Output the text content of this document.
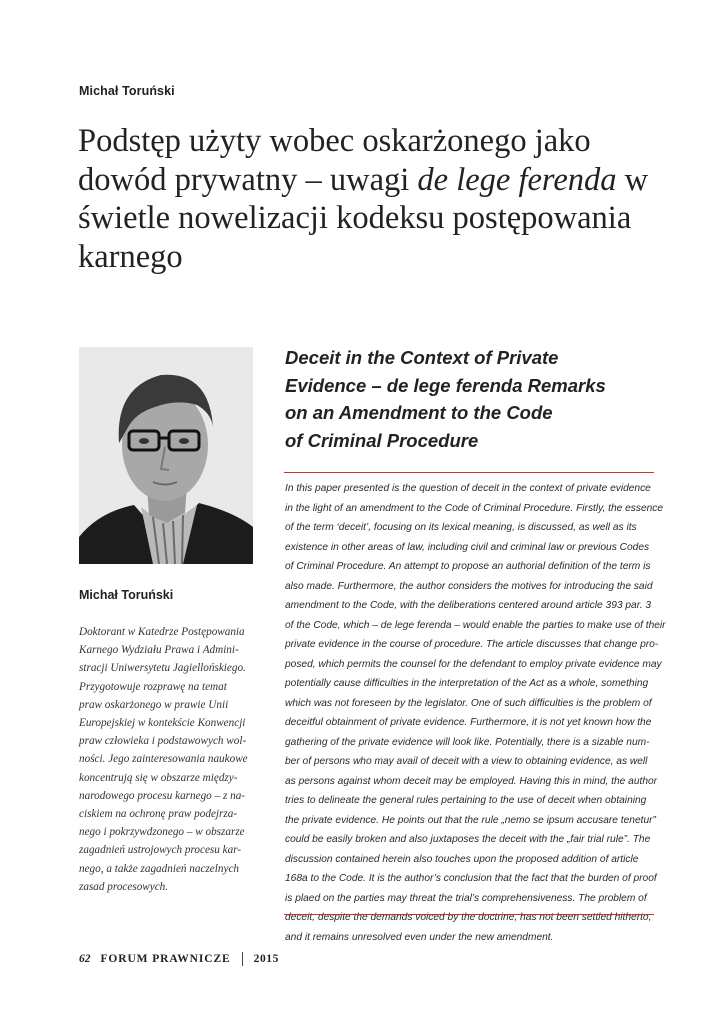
Michał Toruński
Podstęp użyty wobec oskarżonego jako dowód prywatny – uwagi de lege ferenda w świetle nowelizacji kodeksu postępowania karnego
Michał Toruński

Doktorant w Katedrze Postępowania
Karnego Wydziału Prawa i Admini-
stracji Uniwersytetu Jagiellońskiego.
Przygotowuje rozprawę na temat
praw oskarżonego w prawie Unii
Europejskiej w kontekście Konwencji
praw człowieka i podstawowych wol-
ności. Jego zainteresowania naukowe
koncentrują się w obszarze między-
narodowego procesu karnego – z na-
ciskiem na ochronę praw podejrza-
nego i pokrzywdzonego – w obszarze
zagadnień ustrojowych procesu kar-
nego, a także zagadnień naczelnych
zasad procesowych.

Deceit in the Context of Private
Evidence – de lege ferenda Remarks
on an Amendment to the Code
of Criminal Procedure

In this paper presented is the question of deceit in the context of private evidence
in the light of an amendment to the Code of Criminal Procedure. Firstly, the essence
of the term ‘deceit’, focusing on its lexical meaning, is discussed, as well as its
existence in other areas of law, including civil and criminal law or previous Codes
of Criminal Procedure. An attempt to propose an authorial definition of the term is
also made. Furthermore, the author considers the motives for introducing the said
amendment to the Code, with the deliberations centered around article 393 par. 3
of the Code, which – de lege ferenda – would enable the parties to make use of their
private evidence in the course of procedure. The article discusses that change pro-
posed, which permits the counsel for the defendant to employ private evidence may
potentially cause difficulties in the interpretation of the Act as a whole, something
which was not foreseen by the legislator. One of such difficulties is the problem of
deceitful obtainment of private evidence. Furthermore, it is not yet known how the
gathering of the private evidence will look like. Potentially, there is a sizable num-
ber of persons who may avail of deceit with a view to obtaining evidence, as well
as persons against whom deceit may be employed. Having this in mind, the author
tries to delineate the general rules pertaining to the use of deceit when obtaining
the private evidence. He points out that the rule „nemo se ipsum accusare tenetur”
could be easily broken and also juxtaposes the deceit with the „fair trial rule”. The
discussion contained herein also touches upon the proposed addition of article
168a to the Code. It is the author’s conclusion that the fact that the burden of proof
is plaed on the parties may threat the trial’s comprehensiveness. The problem of
deceit, despite the demands voiced by the doctrine, has not been settled hitherto,
and it remains unresolved even under the new amendment.

62 FORUM PRAWNICZE 2015
